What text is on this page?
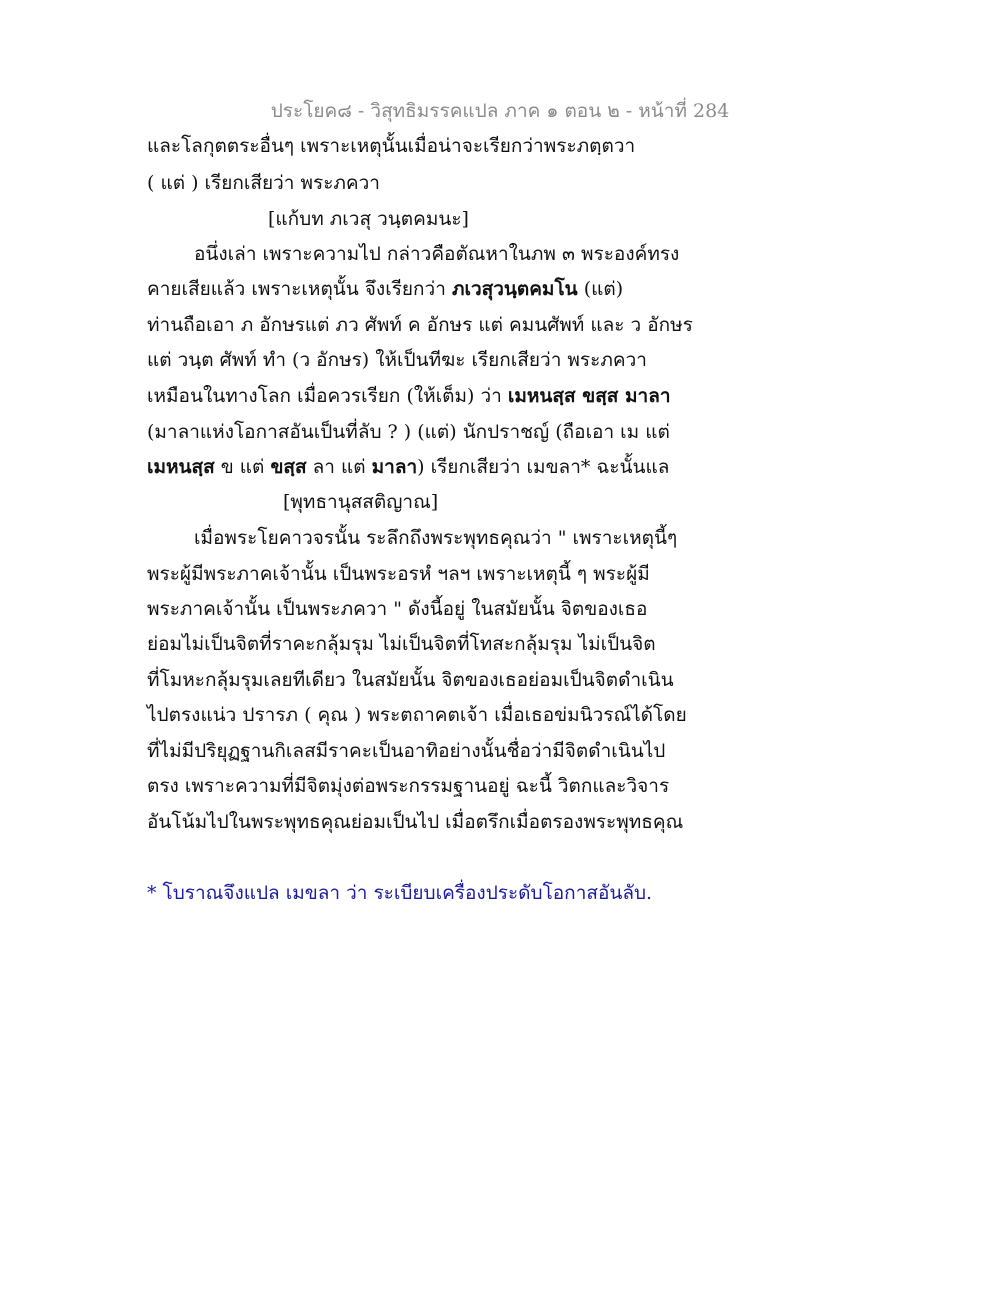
ประโยค๘ - วิสุทธิมรรคแปล ภาค ๑ ตอน ๒ - หน้าที่ 284
และโลกุตตระอื่นๆ เพราะเหตุนั้นเมื่อน่าจะเรียกว่าพระภตฺตวา
( แต่ ) เรียกเสียว่า พระภควา
[แก้บท ภเวสุ วนฺตคมนะ]
อนึ่งเล่า เพราะความไป กล่าวคือตัณหาในภพ ๓ พระองค์ทรง
คายเสียแล้ว เพราะเหตุนั้น จึงเรียกว่า ภเวสุวนฺตคมโน (แต่)
ท่านถือเอา ภ อักษรแต่ ภว ศัพท์ ค อักษร แต่ คมนศัพท์ และ ว อักษร
แต่ วนฺต ศัพท์ ทำ (ว อักษร) ให้เป็นทีฆะ เรียกเสียว่า พระภควา
เหมือนในทางโลก เมื่อควรเรียก (ให้เต็ม) ว่า เมหนสฺส ขสฺส มาลา
(มาลาแห่งโอกาสอันเป็นที่ลับ ? ) (แต่) นักปราชญ์ (ถือเอา เม แต่
เมหนสฺส ข แต่ ขสฺส ลา แต่ มาลา) เรียกเสียว่า เมขลา* ฉะนั้นแล
[พุทธานุสสติญาณ]
เมื่อพระโยคาวจรนั้น ระลึกถึงพระพุทธคุณว่า " เพราะเหตุนี้ๆ
พระผู้มีพระภาคเจ้านั้น เป็นพระอรหํ ฯลฯ เพราะเหตุนี้ ๆ พระผู้มี
พระภาคเจ้านั้น เป็นพระภควา " ดังนี้อยู่ ในสมัยนั้น จิตของเธอ
ย่อมไม่เป็นจิตที่ราคะกลุ้มรุม ไม่เป็นจิตที่โทสะกลุ้มรุม ไม่เป็นจิต
ที่โมหะกลุ้มรุมเลยทีเดียว ในสมัยนั้น จิตของเธอย่อมเป็นจิตดำเนิน
ไปตรงแน่ว ปรารภ ( คุณ ) พระตถาคตเจ้า เมื่อเธอข่มนิวรณ์ได้โดย
ที่ไม่มีปริยุฏฐานกิเลสมีราคะเป็นอาทิอย่างนั้นชื่อว่ามีจิตดำเนินไป
ตรง เพราะความที่มีจิตมุ่งต่อพระกรรมฐานอยู่ ฉะนี้ วิตกและวิจาร
อันโน้มไปในพระพุทธคุณย่อมเป็นไป เมื่อตรึกเมื่อตรองพระพุทธคุณ
* โบราณจึงแปล เมขลา ว่า ระเบียบเครื่องประดับโอกาสอันลับ.
